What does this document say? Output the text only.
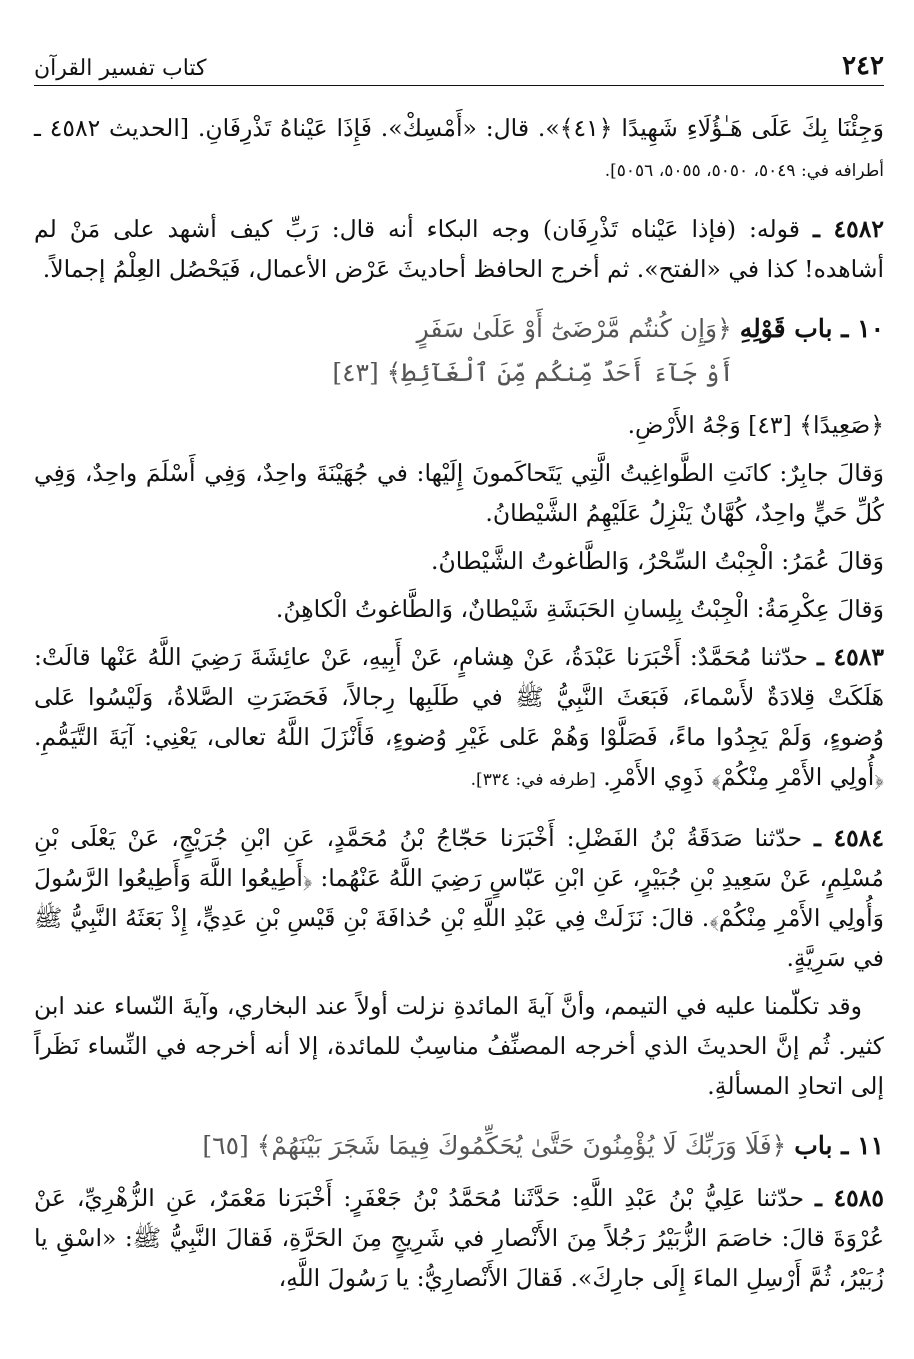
كتاب تفسير القرآن	٢٤٢

وَجِئْنَا بِكَ عَلَى هَـٰؤُلَاءِ شَهِيدًا ﴿٤١﴾». قال: «أَمْسِكْ». فَإِذَا عَيْناهُ تَذْرِفَانِ. [الحديث ٤٥٨٢ ـ أطرافه في: ٥٠٤٩، ٥٠٥٠، ٥٠٥٥، ٥٠٥٦].

٤٥٨٢ ـ قوله: (فإذا عَيْناه تَذْرِفَان) وجه البكاء أنه قال: رَبِّ كيف أشهد على مَنْ لم أشاهده! كذا في «الفتح». ثم أخرج الحافظ أحاديثَ عَرْض الأعمال، فَيَحْصُل العِلْمُ إجمالاً.

١٠ ـ باب قَوْلِهِ ﴿وَإِن كُنتُم مَّرْضَىٰٓ أَوْ عَلَىٰ سَفَرٍ
أَوْ جَآءَ أَحَدٌ مِّنكُم مِّنَ ٱلْغَآئِطِ﴾ [٤٣]

﴿صَعِيدًا﴾ [٤٣] وَجْهُ الأَرْضِ.

وَقالَ جابِرٌ: كانَتِ الطَّواغِيتُ الَّتِي يَتَحاكَمونَ إِلَيْها: في جُهَيْنَةَ واحِدٌ، وَفِي أَسْلَمَ واحِدٌ، وَفِي كُلِّ حَيٍّ واحِدٌ، كُهَّانٌ يَنْزِلُ عَلَيْهِمُ الشَّيْطانُ.

وَقالَ عُمَرُ: الْجِبْتُ السِّحْرُ، وَالطَّاغوتُ الشَّيْطانُ.

وَقالَ عِكْرِمَةُ: الْجِبْتُ بِلِسانِ الحَبَشَةِ شَيْطانٌ، وَالطَّاغوتُ الْكاهِنُ.

٤٥٨٣ ـ حدّثنا مُحَمَّدٌ: أَخْبَرَنا عَبْدَةُ، عَنْ هِشامٍ، عَنْ أَبِيهِ، عَنْ عائِشَةَ رَضِيَ اللَّهُ عَنْها قالَتْ: هَلَكَتْ قِلادَةٌ لأَسْماءَ، فَبَعَثَ النَّبِيُّ ﷺ في طَلَبِها رِجالاً، فَحَضَرَتِ الصَّلاةُ، وَلَيْسُوا عَلى وُضوءٍ، وَلَمْ يَجِدُوا ماءً، فَصَلَّوْا وَهُمْ عَلى غَيْرِ وُضوءٍ، فَأَنْزَلَ اللَّهُ تعالى، يَعْنِي: آيَةَ التَّيَمُّمِ. ﴿أُولِي الأَمْرِ مِنْكُمْ﴾ ذَوِي الأَمْرِ. [طرفه في: ٣٣٤].

٤٥٨٤ ـ حدّثنا صَدَقَةُ بْنُ الفَضْلِ: أَخْبَرَنا حَجّاجُ بْنُ مُحَمَّدٍ، عَنِ ابْنِ جُرَيْجٍ، عَنْ يَعْلَى بْنِ مُسْلِمٍ، عَنْ سَعِيدِ بْنِ جُبَيْرٍ، عَنِ ابْنِ عَبّاسٍ رَضِيَ اللَّهُ عَنْهُما: ﴿أَطِيعُوا اللَّهَ وَأَطِيعُوا الرَّسُولَ وَأُولِي الأَمْرِ مِنْكُمْ﴾. قالَ: نَزَلَتْ فِي عَبْدِ اللَّهِ بْنِ حُذافَةَ بْنِ قَيْسِ بْنِ عَدِيٍّ، إِذْ بَعَثَهُ النَّبِيُّ ﷺ في سَرِيَّةٍ.

وقد تكلّمنا عليه في التيمم، وأنَّ آيةَ المائدةِ نزلت أولاً عند البخاري، وآيةَ النّساء عند ابن كثير. ثُم إنَّ الحديثَ الذي أخرجه المصنِّفُ مناسِبٌ للمائدة، إلا أنه أخرجه في النِّساء نَظَراً إلى اتحادِ المسألةِ.

١١ ـ باب ﴿فَلَا وَرَبِّكَ لَا يُؤْمِنُونَ حَتَّىٰ يُحَكِّمُوكَ فِيمَا شَجَرَ بَيْنَهُمْ﴾ [٦٥]

٤٥٨٥ ـ حدّثنا عَلِيُّ بْنُ عَبْدِ اللَّهِ: حَدَّثَنا مُحَمَّدُ بْنُ جَعْفَرٍ: أَخْبَرَنا مَعْمَرٌ، عَنِ الزُّهْرِيِّ، عَنْ عُرْوَةَ قالَ: خاصَمَ الزُّبَيْرُ رَجُلاً مِنَ الأَنْصارِ في شَرِيجٍ مِنَ الحَرَّةِ، فَقالَ النَّبِيُّ ﷺ: «اسْقِ يا زُبَيْرُ، ثُمَّ أَرْسِلِ الماءَ إِلَى جارِكَ». فَقالَ الأَنْصارِيُّ: يا رَسُولَ اللَّهِ،
